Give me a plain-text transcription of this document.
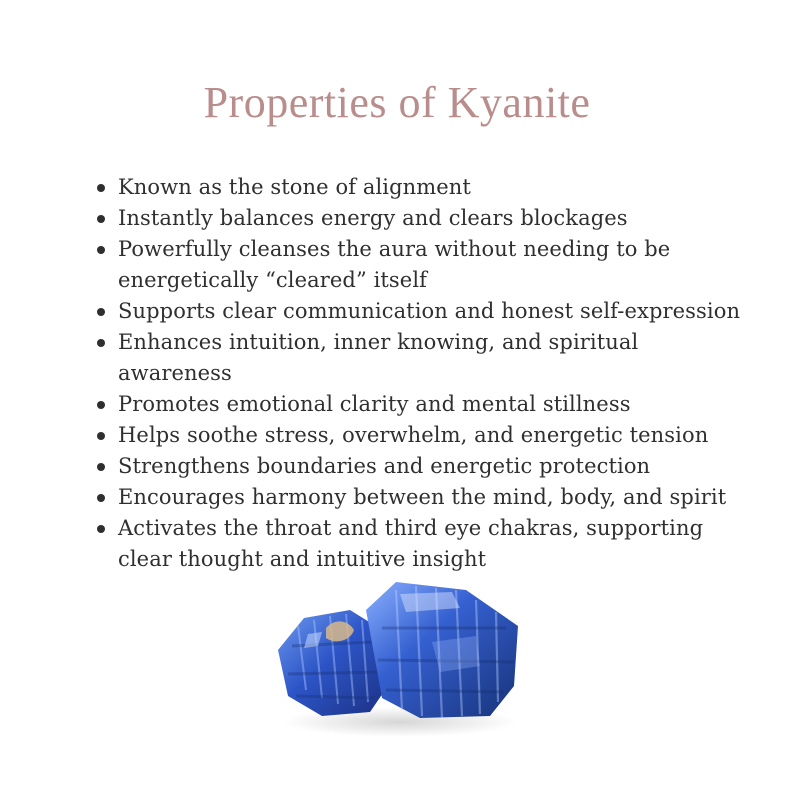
Properties of Kyanite
Known as the stone of alignment
Instantly balances energy and clears blockages
Powerfully cleanses the aura without needing to be energetically “cleared” itself
Supports clear communication and honest self-expression
Enhances intuition, inner knowing, and spiritual awareness
Promotes emotional clarity and mental stillness
Helps soothe stress, overwhelm, and energetic tension
Strengthens boundaries and energetic protection
Encourages harmony between the mind, body, and spirit
Activates the throat and third eye chakras, supporting clear thought and intuitive insight
